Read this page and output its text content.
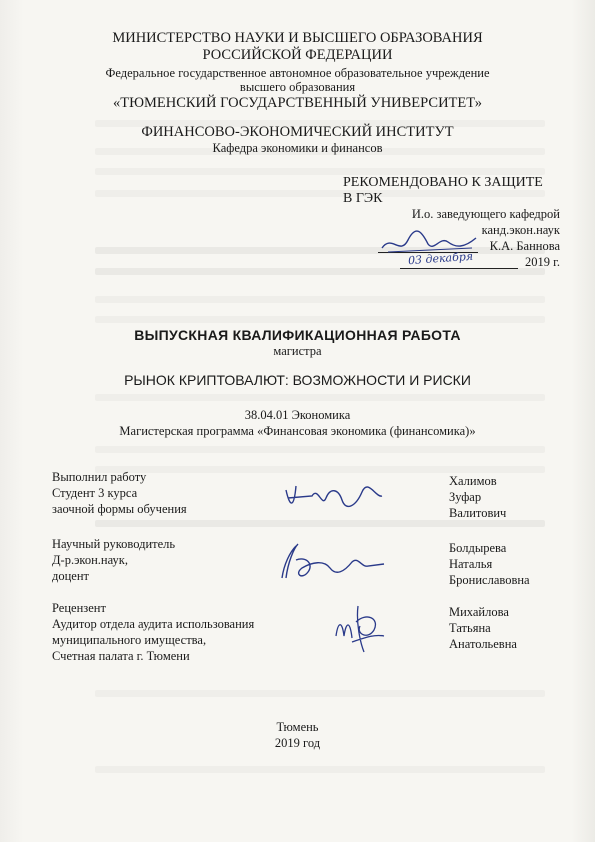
МИНИСТЕРСТВО НАУКИ И ВЫСШЕГО ОБРАЗОВАНИЯ
РОССИЙСКОЙ ФЕДЕРАЦИИ
Федеральное государственное автономное образовательное учреждение
высшего образования
«ТЮМЕНСКИЙ ГОСУДАРСТВЕННЫЙ УНИВЕРСИТЕТ»
ФИНАНСОВО-ЭКОНОМИЧЕСКИЙ ИНСТИТУТ
Кафедра экономики и финансов
РЕКОМЕНДОВАНО К ЗАЩИТЕ
В ГЭК
И.о. заведующего кафедрой
канд.экон.наук
К.А. Баннова
2019 г.
03 декабря
ВЫПУСКНАЯ КВАЛИФИКАЦИОННАЯ РАБОТА
магистра
РЫНОК КРИПТОВАЛЮТ: ВОЗМОЖНОСТИ И РИСКИ
38.04.01 Экономика
Магистерская программа «Финансовая экономика (финансомика)»
Выполнил работу
Студент 3 курса
заочной формы обучения
Халимов
Зуфар
Валитович
Научный руководитель
Д-р.экон.наук,
доцент
Болдырева
Наталья
Брониславовна
Рецензент
Аудитор отдела аудита использования
муниципального имущества,
Счетная палата г. Тюмени
Михайлова
Татьяна
Анатольевна
Тюмень
2019 год
